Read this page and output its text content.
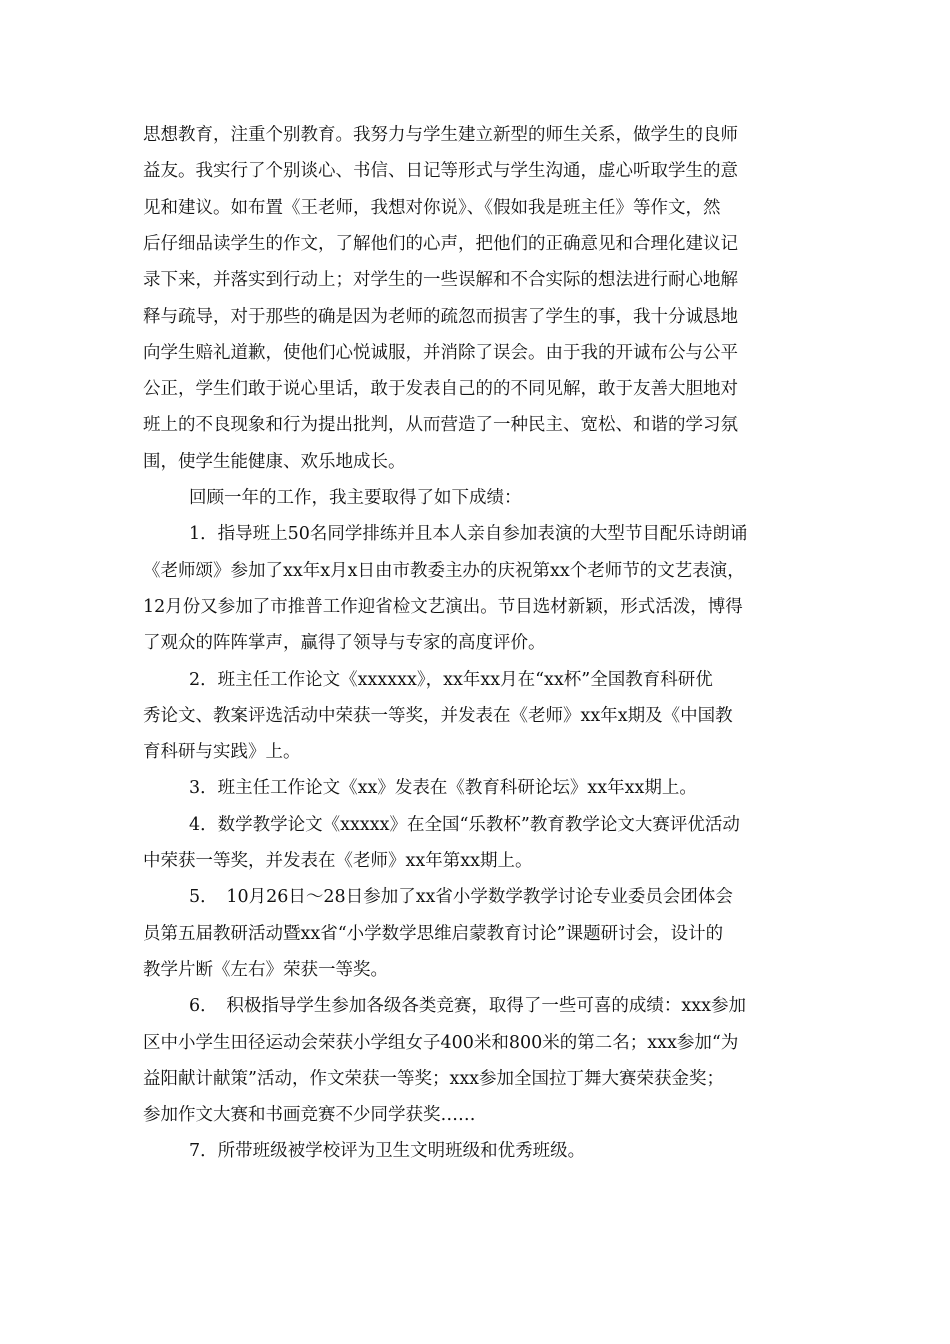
思想教育，注重个别教育。我努力与学生建立新型的师生关系，做学生的良师
益友。我实行了个别谈心、书信、日记等形式与学生沟通，虚心听取学生的意
见和建议。如布置《王老师，我想对你说》、《假如我是班主任》等作文，然
后仔细品读学生的作文，了解他们的心声，把他们的正确意见和合理化建议记
录下来，并落实到行动上；对学生的一些误解和不合实际的想法进行耐心地解
释与疏导，对于那些的确是因为老师的疏忽而损害了学生的事，我十分诚恳地
向学生赔礼道歉，使他们心悦诚服，并消除了误会。由于我的开诚布公与公平
公正，学生们敢于说心里话，敢于发表自己的的不同见解，敢于友善大胆地对
班上的不良现象和行为提出批判，从而营造了一种民主、宽松、和谐的学习氛
围，使学生能健康、欢乐地成长。
回顾一年的工作，我主要取得了如下成绩：
1．指导班上50名同学排练并且本人亲自参加表演的大型节目配乐诗朗诵
《老师颂》参加了xx年x月x日由市教委主办的庆祝第xx个老师节的文艺表演，
12月份又参加了市推普工作迎省检文艺演出。节目选材新颖，形式活泼，博得
了观众的阵阵掌声，赢得了领导与专家的高度评价。
2．班主任工作论文《xxxxxx》，xx年xx月在“xx杯”全国教育科研优
秀论文、教案评选活动中荣获一等奖，并发表在《老师》xx年x期及《中国教
育科研与实践》上。
3．班主任工作论文《xx》发表在《教育科研论坛》xx年xx期上。
4．数学教学论文《xxxxx》在全国“乐教杯”教育教学论文大赛评优活动
中荣获一等奖，并发表在《老师》xx年第xx期上。
5．　10月26日～28日参加了xx省小学数学教学讨论专业委员会团体会
员第五届教研活动暨xx省“小学数学思维启蒙教育讨论”课题研讨会，设计的
教学片断《左右》荣获一等奖。
6．　积极指导学生参加各级各类竞赛，取得了一些可喜的成绩：xxx参加
区中小学生田径运动会荣获小学组女子400米和800米的第二名；xxx参加“为
益阳献计献策”活动，作文荣获一等奖；xxx参加全国拉丁舞大赛荣获金奖；
参加作文大赛和书画竞赛不少同学获奖……
7．所带班级被学校评为卫生文明班级和优秀班级。
